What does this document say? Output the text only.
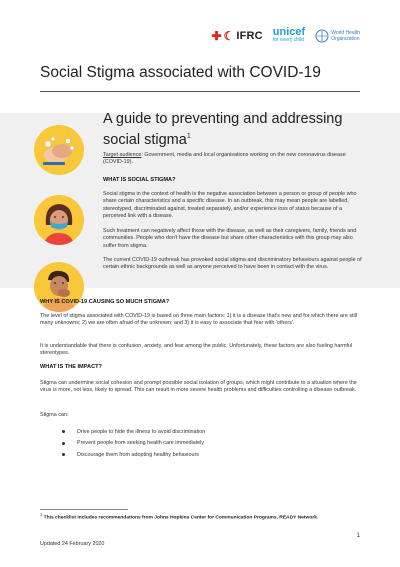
✚ ☾ IFRC unicef
for every child
World Health
Organization
Social Stigma associated with COVID-19
A guide to preventing and addressing
social stigma$^1$
Target audience: Government, media and local organisations working on the new coronavirus disease (COVID-19).
WHAT IS SOCIAL STIGMA?
Social stigma in the context of health is the negative association between a person or group of people who share certain characteristics and a specific disease. In an outbreak, this may mean people are labelled, stereotyped, discriminated against, treated separately, and/or experience loss of status because of a perceived link with a disease.
Such treatment can negatively affect those with the disease, as well as their caregivers, family, friends and communities. People who don't have the disease but share other characteristics with this group may also suffer from stigma.
The current COVID-19 outbreak has provoked social stigma and discriminatory behaviours against people of certain ethnic backgrounds as well as anyone perceived to have been in contact with the virus.
WHY IS COVID-19 CAUSING SO MUCH STIGMA?
The level of stigma associated with COVID-19 is based on three main factors: 1) it is a disease that's new and for which there are still many unknowns; 2) we are often afraid of the unknown; and 3) it is easy to associate that fear with 'others'.
It is understandable that there is confusion, anxiety, and fear among the public. Unfortunately, these factors are also fueling harmful stereotypes.
WHAT IS THE IMPACT?
Stigma can undermine social cohesion and prompt possible social isolation of groups, which might contribute to a situation where the virus is more, not less, likely to spread. This can result in more severe health problems and difficulties controlling a disease outbreak.
Stigma can:
Drive people to hide the illness to avoid discrimination
Prevent people from seeking health care immediately
Discourage them from adopting healthy behaviours
$^1$ This checklist includes recommendations from Johns Hopkins Center for Communication Programs, READY Network.
1
Updated 24 February 2020
